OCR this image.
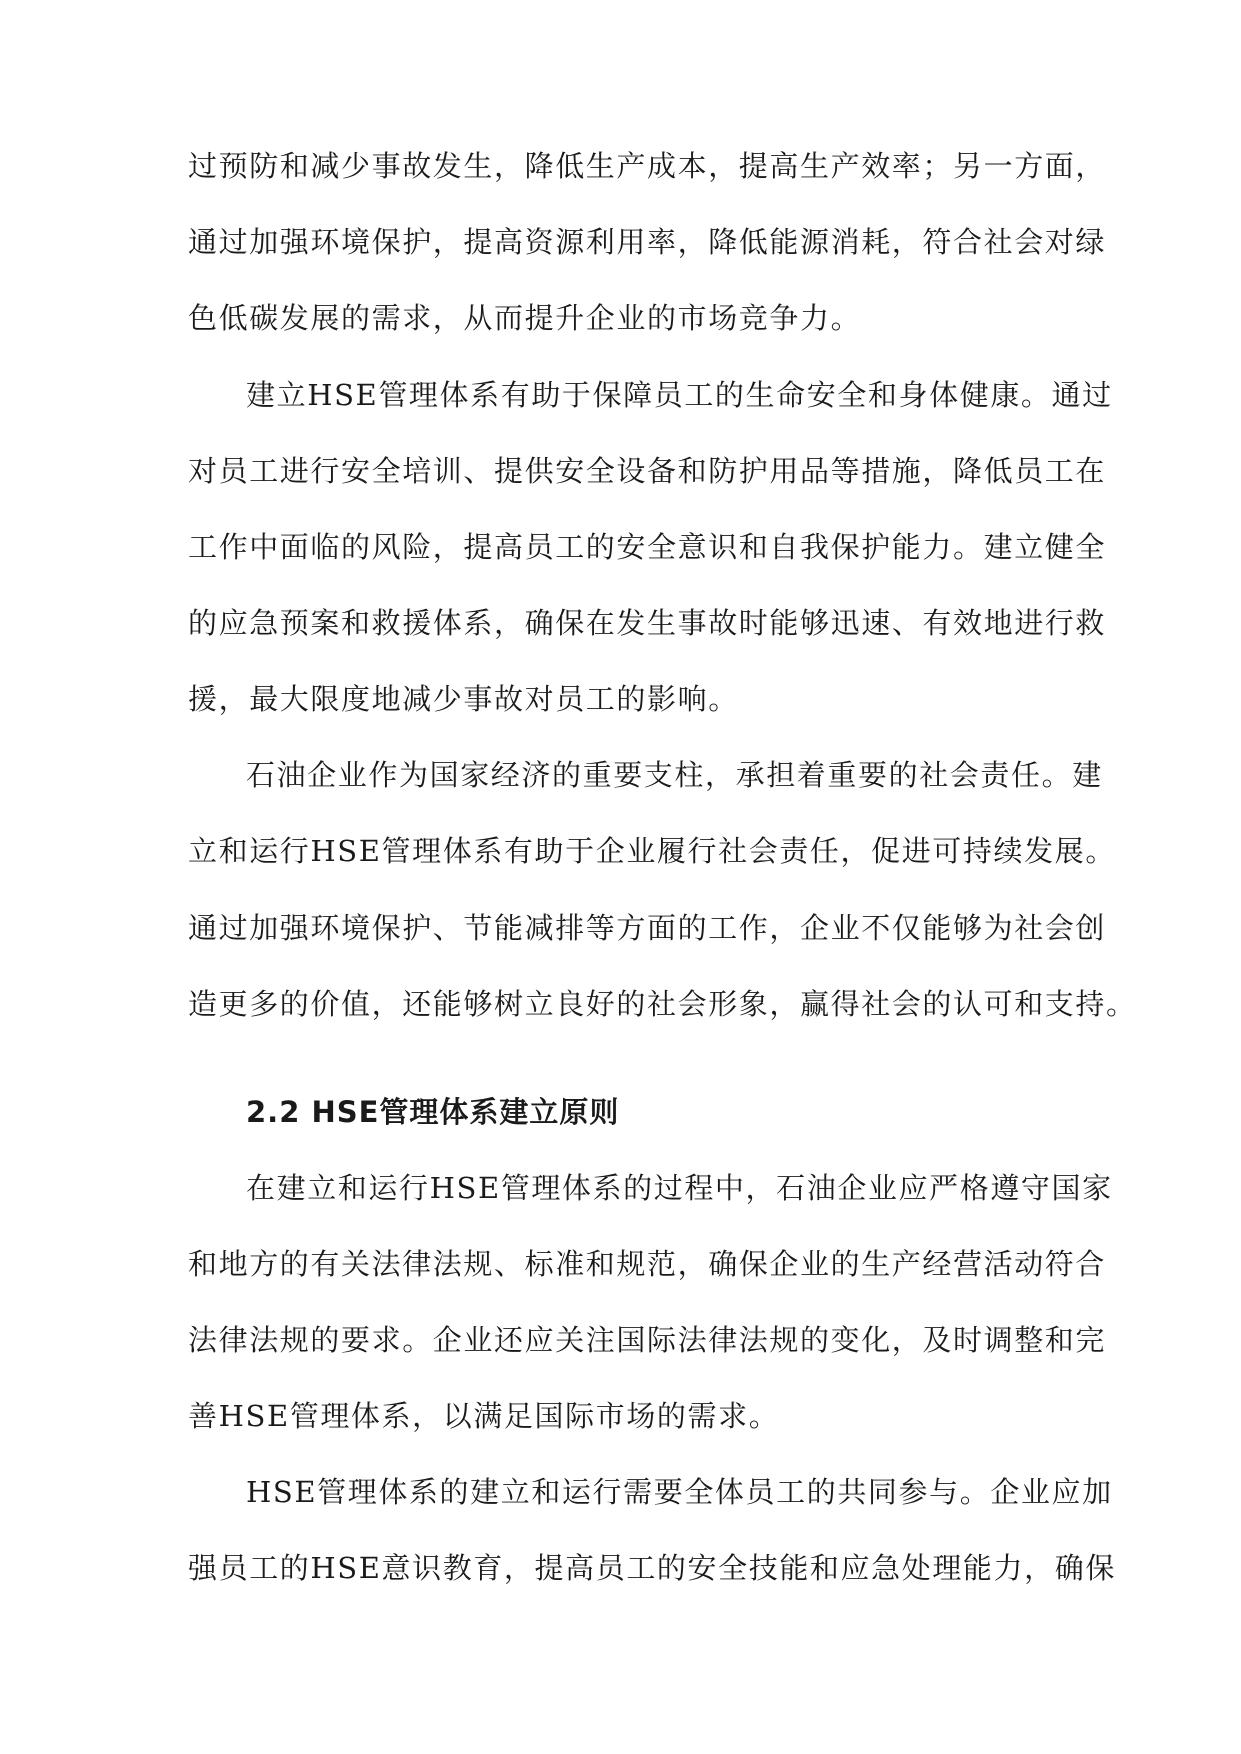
过预防和减少事故发生，降低生产成本，提高生产效率；另一方面，
通过加强环境保护，提高资源利用率，降低能源消耗，符合社会对绿
色低碳发展的需求，从而提升企业的市场竞争力。
建立HSE管理体系有助于保障员工的生命安全和身体健康。通过
对员工进行安全培训、提供安全设备和防护用品等措施，降低员工在
工作中面临的风险，提高员工的安全意识和自我保护能力。建立健全
的应急预案和救援体系，确保在发生事故时能够迅速、有效地进行救
援，最大限度地减少事故对员工的影响。
石油企业作为国家经济的重要支柱，承担着重要的社会责任。建
立和运行HSE管理体系有助于企业履行社会责任，促进可持续发展。
通过加强环境保护、节能减排等方面的工作，企业不仅能够为社会创
造更多的价值，还能够树立良好的社会形象，赢得社会的认可和支持。
2.2 HSE管理体系建立原则
在建立和运行HSE管理体系的过程中，石油企业应严格遵守国家
和地方的有关法律法规、标准和规范，确保企业的生产经营活动符合
法律法规的要求。企业还应关注国际法律法规的变化，及时调整和完
善HSE管理体系，以满足国际市场的需求。
HSE管理体系的建立和运行需要全体员工的共同参与。企业应加
强员工的HSE意识教育，提高员工的安全技能和应急处理能力，确保
